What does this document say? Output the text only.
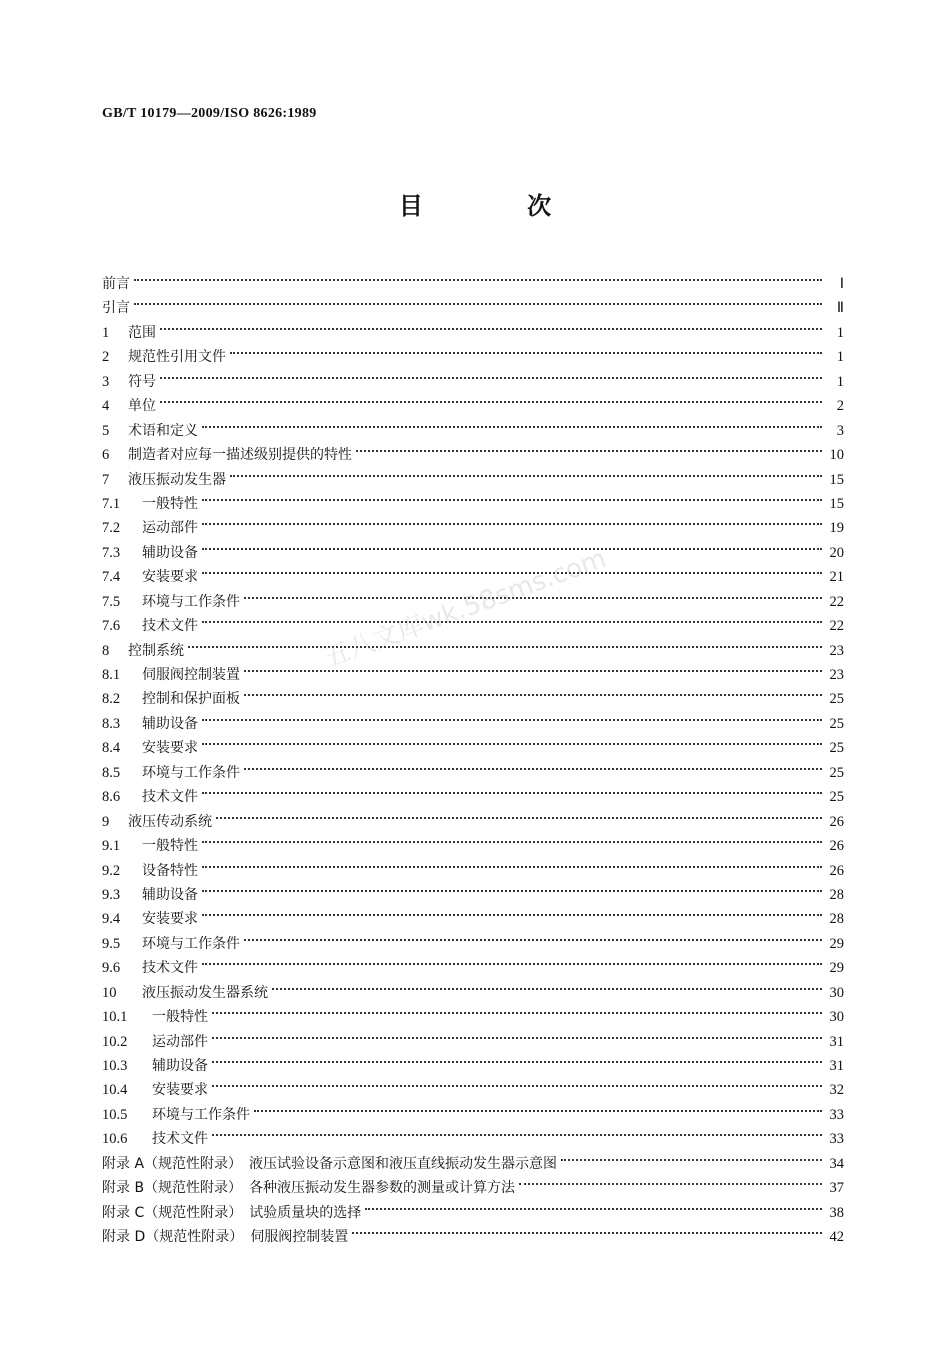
GB/T 10179—2009/ISO 8626:1989
目 次
前言	Ⅰ
引言	Ⅱ
1	范围	1
2	规范性引用文件	1
3	符号	1
4	单位	2
5	术语和定义	3
6	制造者对应每一描述级别提供的特性	10
7	液压振动发生器	15
7.1	一般特性	15
7.2	运动部件	19
7.3	辅助设备	20
7.4	安装要求	21
7.5	环境与工作条件	22
7.6	技术文件	22
8	控制系统	23
8.1	伺服阀控制装置	23
8.2	控制和保护面板	25
8.3	辅助设备	25
8.4	安装要求	25
8.5	环境与工作条件	25
8.6	技术文件	25
9	液压传动系统	26
9.1	一般特性	26
9.2	设备特性	26
9.3	辅助设备	28
9.4	安装要求	28
9.5	环境与工作条件	29
9.6	技术文件	29
10	液压振动发生器系统	30
10.1	一般特性	30
10.2	运动部件	31
10.3	辅助设备	31
10.4	安装要求	32
10.5	环境与工作条件	33
10.6	技术文件	33
附录 A（规范性附录）　液压试验设备示意图和液压直线振动发生器示意图	34
附录 B（规范性附录）　各种液压振动发生器参数的测量或计算方法	37
附录 C（规范性附录）　试验质量块的选择	38
附录 D（规范性附录）　伺服阀控制装置	42
五八文库wk.58sms.com
